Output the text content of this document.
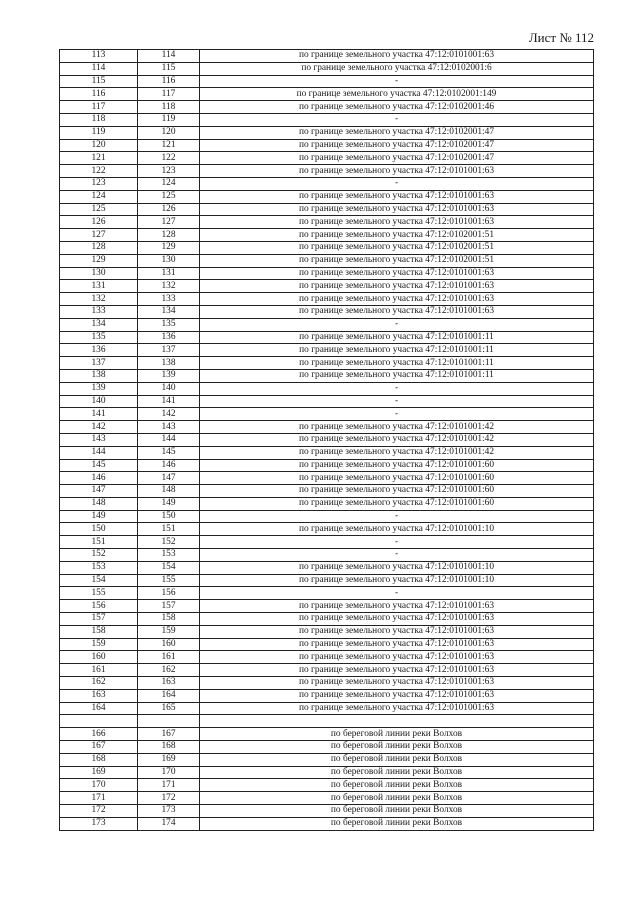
Лист № 112
113	114	по границе земельного участка 47:12:0101001:63
114	115	по границе земельного участка 47:12:0102001:6
115	116	-
116	117	по границе земельного участка 47:12:0102001:149
117	118	по границе земельного участка 47:12:0102001:46
118	119	-
119	120	по границе земельного участка 47:12:0102001:47
120	121	по границе земельного участка 47:12:0102001:47
121	122	по границе земельного участка 47:12:0102001:47
122	123	по границе земельного участка 47:12:0101001:63
123	124	-
124	125	по границе земельного участка 47:12:0101001:63
125	126	по границе земельного участка 47:12:0101001:63
126	127	по границе земельного участка 47:12:0101001:63
127	128	по границе земельного участка 47:12:0102001:51
128	129	по границе земельного участка 47:12:0102001:51
129	130	по границе земельного участка 47:12:0102001:51
130	131	по границе земельного участка 47:12:0101001:63
131	132	по границе земельного участка 47:12:0101001:63
132	133	по границе земельного участка 47:12:0101001:63
133	134	по границе земельного участка 47:12:0101001:63
134	135	-
135	136	по границе земельного участка 47:12:0101001:11
136	137	по границе земельного участка 47:12:0101001:11
137	138	по границе земельного участка 47:12:0101001:11
138	139	по границе земельного участка 47:12:0101001:11
139	140	-
140	141	-
141	142	-
142	143	по границе земельного участка 47:12:0101001:42
143	144	по границе земельного участка 47:12:0101001:42
144	145	по границе земельного участка 47:12:0101001:42
145	146	по границе земельного участка 47:12:0101001:60
146	147	по границе земельного участка 47:12:0101001:60
147	148	по границе земельного участка 47:12:0101001:60
148	149	по границе земельного участка 47:12:0101001:60
149	150	-
150	151	по границе земельного участка 47:12:0101001:10
151	152	-
152	153	-
153	154	по границе земельного участка 47:12:0101001:10
154	155	по границе земельного участка 47:12:0101001:10
155	156	-
156	157	по границе земельного участка 47:12:0101001:63
157	158	по границе земельного участка 47:12:0101001:63
158	159	по границе земельного участка 47:12:0101001:63
159	160	по границе земельного участка 47:12:0101001:63
160	161	по границе земельного участка 47:12:0101001:63
161	162	по границе земельного участка 47:12:0101001:63
162	163	по границе земельного участка 47:12:0101001:63
163	164	по границе земельного участка 47:12:0101001:63
164	165	по границе земельного участка 47:12:0101001:63

166	167	по береговой линии реки Волхов
167	168	по береговой линии реки Волхов
168	169	по береговой линии реки Волхов
169	170	по береговой линии реки Волхов
170	171	по береговой линии реки Волхов
171	172	по береговой линии реки Волхов
172	173	по береговой линии реки Волхов
173	174	по береговой линии реки Волхов
